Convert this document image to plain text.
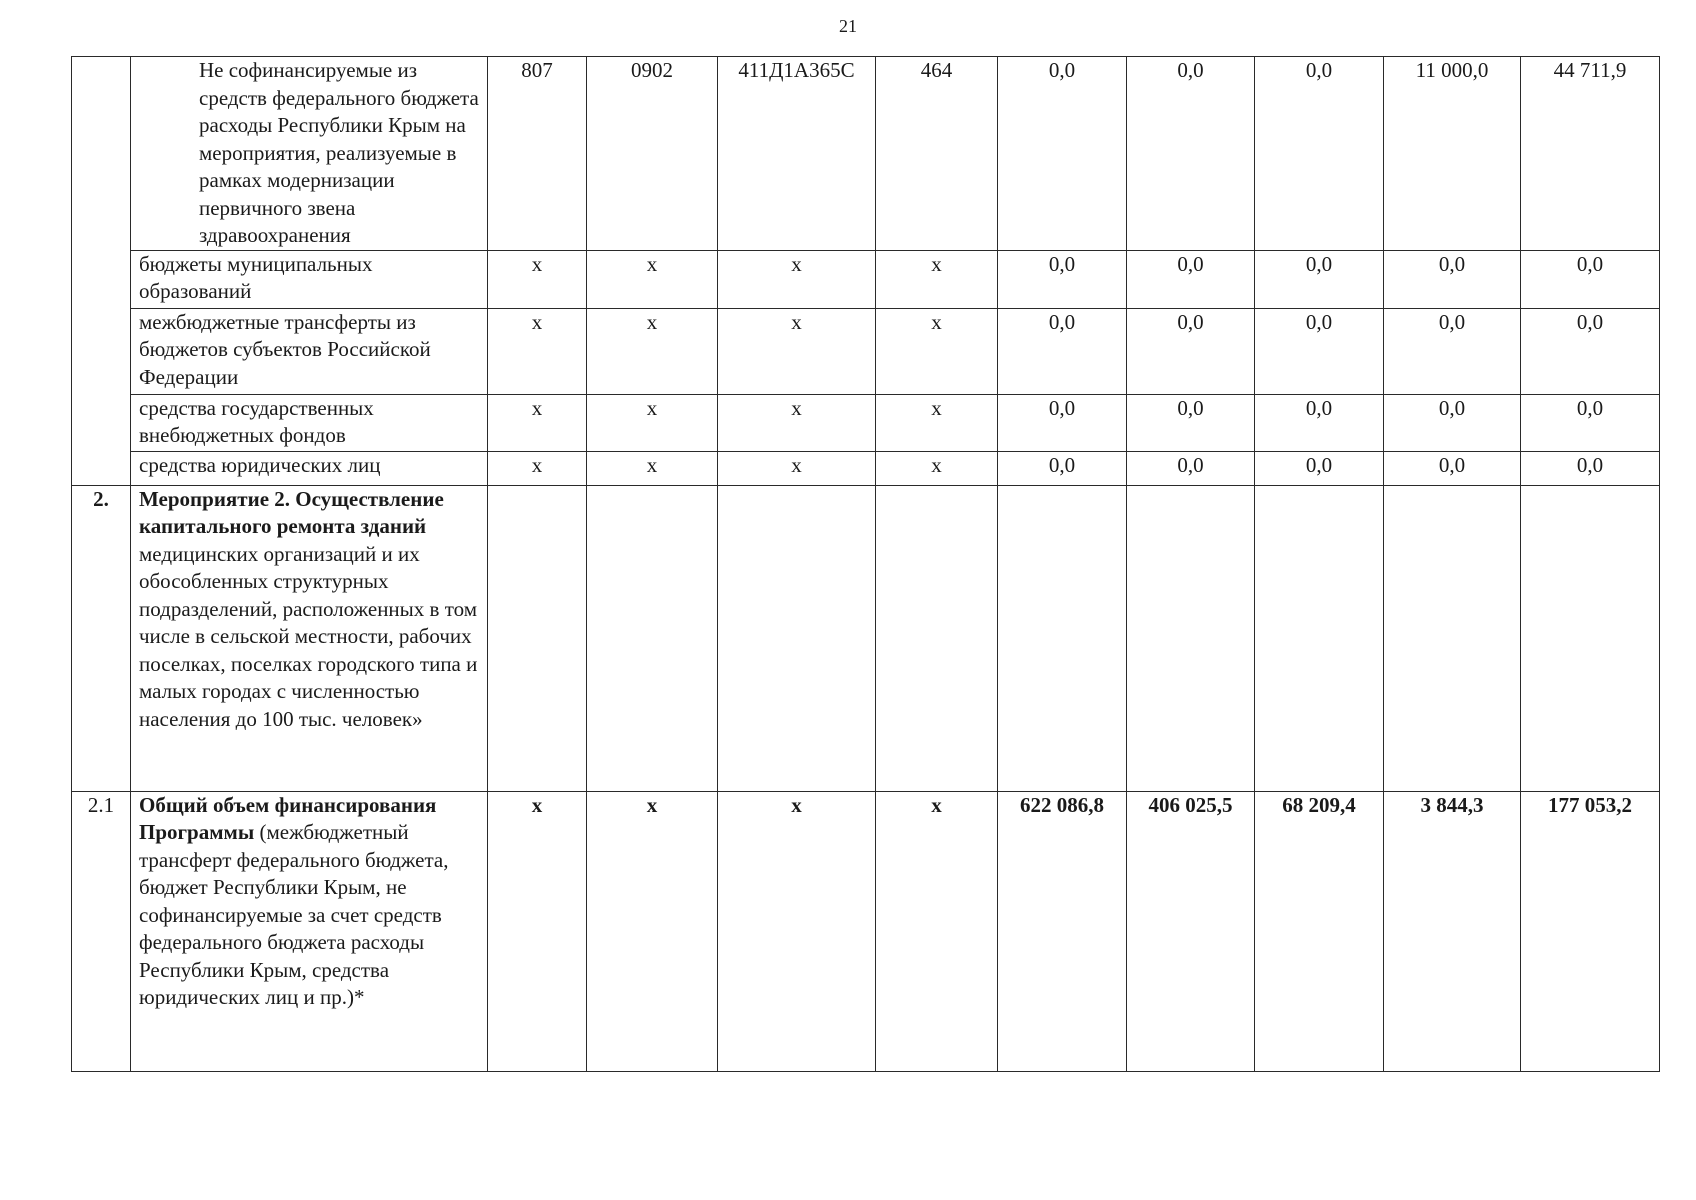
21
	Не софинансируемые из средств федерального бюджета расходы Республики Крым на мероприятия, реализуемые в рамках модернизации первичного звена здравоохранения	807	0902	411Д1А365С	464	0,0	0,0	0,0	11 000,0	44 711,9
	бюджеты муниципальных образований	х	х	х	х	0,0	0,0	0,0	0,0	0,0
	межбюджетные трансферты из бюджетов субъектов Российской Федерации	х	х	х	х	0,0	0,0	0,0	0,0	0,0
	средства государственных внебюджетных фондов	х	х	х	х	0,0	0,0	0,0	0,0	0,0
	средства юридических лиц	х	х	х	х	0,0	0,0	0,0	0,0	0,0
2.	Мероприятие 2. Осуществление капитального ремонта зданий медицинских организаций и их обособленных структурных подразделений, расположенных в том числе в сельской местности, рабочих поселках, поселках городского типа и малых городах с численностью населения до 100 тыс. человек»									
2.1	Общий объем финансирования Программы (межбюджетный трансферт федерального бюджета, бюджет Республики Крым, не софинансируемые за счет средств федерального бюджета расходы Республики Крым, средства юридических лиц и пр.)*	х	х	х	х	622 086,8	406 025,5	68 209,4	3 844,3	177 053,2
